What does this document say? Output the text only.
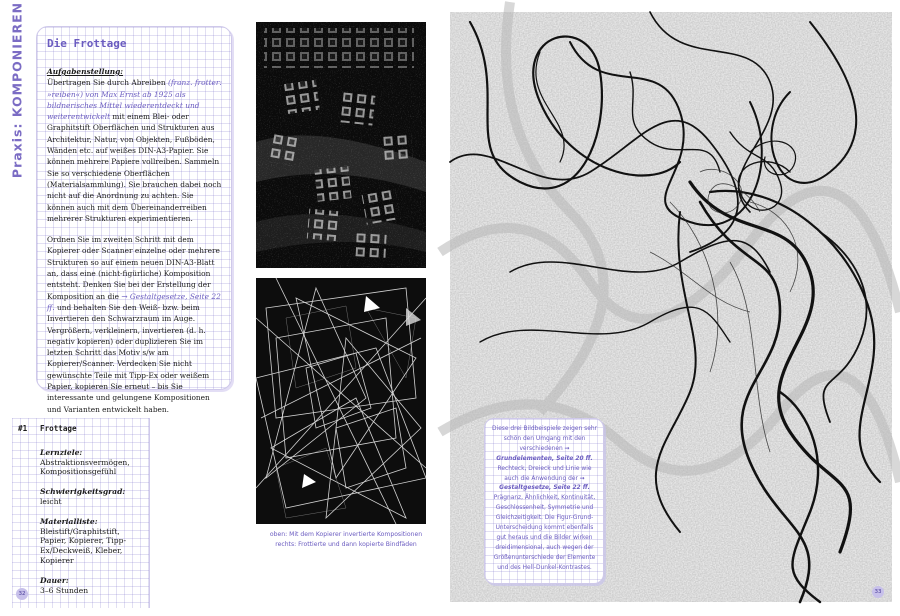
Praxis: KOMPONIEREN Die Frottage

Aufgabenstellung:
Übertragen Sie durch Abreiben (franz. frotter: »reiben«) von Max Ernst ab 1925 als bildnerisches Mittel wiederentdeckt und weiterentwickelt mit einem Blei- oder Graphitstift Oberflächen und Strukturen aus Architektur, Natur, von Objekten, Fußböden, Wänden etc. auf weißes DIN-A3-Papier. Sie können mehrere Papiere vollreiben. Sammeln Sie so verschiedene Oberflächen (Materialsammlung). Sie brauchen dabei noch nicht auf die Anordnung zu achten. Sie können auch mit dem Übereinanderreiben mehrerer Strukturen experimentieren.

Ordnen Sie im zweiten Schritt mit dem Kopierer oder Scanner einzelne oder mehrere Strukturen so auf einem neuen DIN-A3-Blatt an, dass eine (nicht-figürliche) Komposition entsteht. Denken Sie bei der Erstellung der Komposition an die → Gestaltgesetze, Seite 22 ff. und behalten Sie den Weiß- bzw. beim Invertieren den Schwarzraum im Auge. Vergrößern, verkleinern, invertieren (d. h. negativ kopieren) oder duplizieren Sie im letzten Schritt das Motiv s/w am Kopierer/Scanner. Verdecken Sie nicht gewünschte Teile mit Tipp-Ex oder weißem Papier, kopieren Sie erneut – bis Sie interessante und gelungene Kompositionen und Varianten entwickelt haben.

#1 Frottage
Lernziele:
Abstraktionsvermögen, Kompositionsgefühl
Schwierigkeitsgrad:
leicht
Materialliste:
Bleistift/Graphitstift, Papier, Kopierer, Tipp-Ex/Deckweiß, Kleber, Kopierer
Dauer:
3–6 Stunden
32
oben: Mit dem Kopierer invertierte Kompositionen
rechts: Frottierte und dann kopierte Bindfäden
Diese drei Bildbeispiele zeigen sehr schön den Umgang mit den verschiedenen → Grundelementen, Seite 20 ff. Rechteck, Dreieck und Linie wie auch die Anwendung der → Gestaltgesetze, Seite 22 ff. Prägnanz, Ähnlichkeit, Kontinuität, Geschlossenheit, Symmetrie und Gleichzeitigkeit. Die Figur-Grund-Unterscheidung kommt ebenfalls gut heraus und die Bilder wirken dreidimensional, auch wegen der Größenunterschiede der Elemente und des Hell-Dunkel-Kontrastes.
33
